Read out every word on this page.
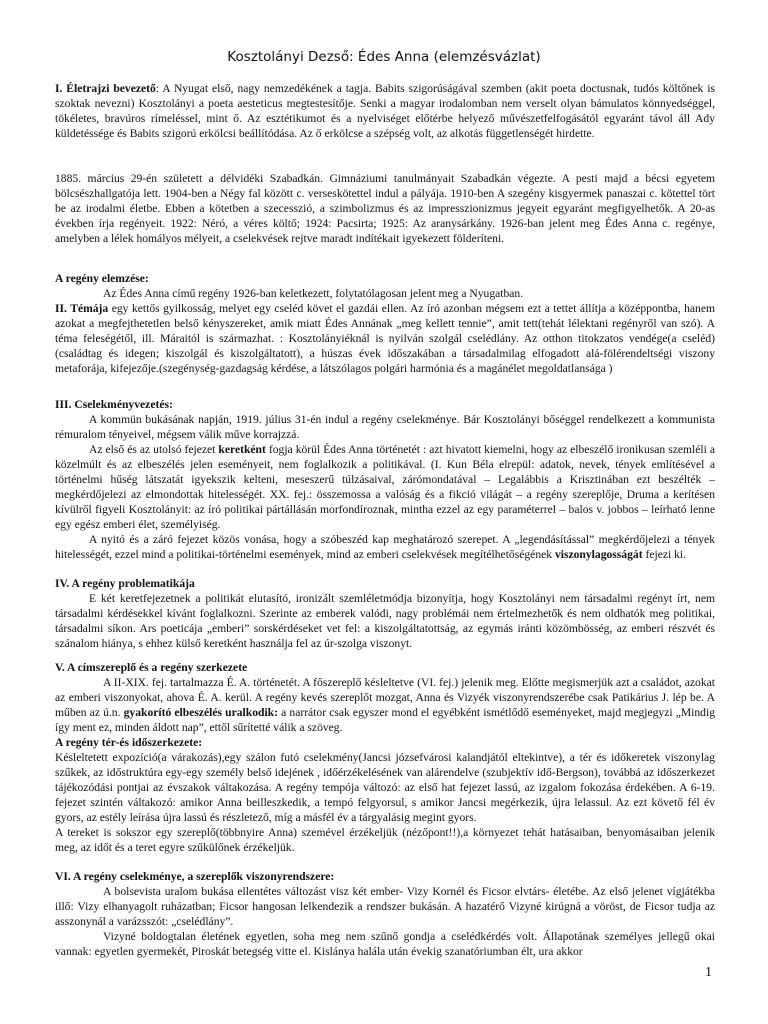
Kosztolányi Dezső: Édes Anna (elemzésvázlat)

I. Életrajzi bevezető: A Nyugat első, nagy nemzedékének a tagja. Babits szigorúságával szemben (akit poeta doctusnak, tudós költőnek is szoktak nevezni) Kosztolányi a poeta aesteticus megtestesítője. Senki a magyar irodalomban nem verselt olyan bámulatos könnyedséggel, tökéletes, bravúros rímeléssel, mint ő. Az esztétikumot és a nyelviséget előtérbe helyező művészetfelfogásától egyaránt távol áll Ady küldetéssége és Babits szigorú erkölcsi beállítódása. Az ő erkölcse a szépség volt, az alkotás függetlenségét hirdette.

1885. március 29-én született a délvidéki Szabadkán. Gimnáziumi tanulmányait Szabadkán végezte. A pesti majd a bécsi egyetem bölcsészhallgatója lett. 1904-ben a Négy fal között c. verseskötettel indul a pályája. 1910-ben A szegény kisgyermek panaszai c. kötettel tört be az irodalmi életbe. Ebben a kötetben a szecesszió, a szimbolizmus és az impresszionizmus jegyeit egyaránt megfigyelhetők. A 20-as években írja regényeit. 1922: Néró, a véres költő; 1924: Pacsirta; 1925: Az aranysárkány. 1926-ban jelent meg Édes Anna c. regénye, amelyben a lélek homályos mélyeit, a cselekvések rejtve maradt indítékait igyekezett földeríteni.

A regény elemzése:

Az Édes Anna című regény 1926-ban keletkezett, folytatólagosan jelent meg a Nyugatban.

II. Témája egy kettős gyilkosság, melyet egy cseléd követ el gazdái ellen. Az író azonban mégsem ezt a tettet állítja a középpontba, hanem azokat a megfejthetetlen belső kényszereket, amik miatt Édes Annának „meg kellett tennie”, amit tett(tehát lélektani regényről van szó). A téma feleségétől, ill. Máraitól is származhat. : Kosztolányiéknál is nyilván szolgál cselédlány. Az otthon titokzatos vendége(a cseléd)(családtag és idegen; kiszolgál és kiszolgáltatott), a húszas évek időszakában a társadalmilag elfogadott alá-fölérendeltségi viszony metaforája, kifejezője.(szegénység-gazdagság kérdése, a látszólagos polgári harmónia és a magánélet megoldatlansága )

III. Cselekményvezetés:

A kommün bukásának napján, 1919. július 31-én indul a regény cselekménye. Bár Kosztolányi bőséggel rendelkezett a kommunista rémuralom tényeivel, mégsem válik műve korrajzzá.

Az első és az utolsó fejezet keretként fogja körül Édes Anna történetét : azt hivatott kiemelni, hogy az elbeszélő ironikusan szemléli a közelmúlt és az elbeszélés jelen eseményeit, nem foglalkozik a politikával. (I. Kun Béla elrepül: adatok, nevek, tények említésével a történelmi hűség látszatát igyekszik kelteni, meseszerű túlzásaival, zárómondatával – Legalábbis a Krisztinában ezt beszélték – megkérdőjelezi az elmondottak hitelességét. XX. fej.: összemossa a valóság és a fikció világát – a regény szereplője, Druma a kerítésen kívülről figyeli Kosztolányit: az író politikai pártállásán morfondíroznak, mintha ezzel az egy paraméterrel – balos v. jobbos – leírható lenne egy egész emberi élet, személyiség.

A nyitó és a záró fejezet közös vonása, hogy a szóbeszéd kap meghatározó szerepet. A „legendásítással” megkérdőjelezi a tények hitelességét, ezzel mind a politikai-történelmi események, mind az emberi cselekvések megítélhetőségének viszonylagosságát fejezi ki.

IV. A regény problematikája

E két keretfejezetnek a politikát elutasító, ironizált szemléletmódja bizonyítja, hogy Kosztolányi nem társadalmi regényt írt, nem társadalmi kérdésekkel kívánt foglalkozni. Szerinte az emberek valódi, nagy problémái nem értelmezhetők és nem oldhatók meg politikai, társadalmi síkon. Ars poeticája „emberi” sorskérdéseket vet fel: a kiszolgáltatottság, az egymás iránti közömbösség, az emberi részvét és szánalom hiánya, s ehhez külső keretként használja fel az úr-szolga viszonyt.

V. A címszereplő és a regény szerkezete

A II-XIX. fej. tartalmazza É. A. történetét. A főszereplő késleltetve (VI. fej.) jelenik meg. Előtte megismerjük azt a családot, azokat az emberi viszonyokat, ahova É. A. kerül. A regény kevés szereplőt mozgat, Anna és Vizyék viszonyrendszerébe csak Patikárius J. lép be. A műben az ú.n. gyakorító elbeszélés uralkodik: a narrátor csak egyszer mond el egyébként ismétlődő eseményeket, majd megjegyzi „Mindig így ment ez, minden áldott nap”, ettől sűrítetté válik a szöveg.

A regény tér-és időszerkezete:

Késleltetett expozíció(a várakozás),egy szálon futó cselekmény(Jancsi józsefvárosi kalandjától eltekintve), a tér és időkeretek viszonylag szűkek, az időstruktúra egy-egy személy belső idejének , időérzékelésének van alárendelve (szubjektív idő-Bergson), továbbá az időszerkezet tájékozódási pontjai az évszakok váltakozása. A regény tempója változó: az első hat fejezet lassú, az izgalom fokozása érdekében. A 6-19. fejezet szintén váltakozó: amikor Anna beilleszkedik, a tempó felgyorsul, s amikor Jancsi megérkezik, újra lelassul. Az ezt követő fél év gyors, az estély leírása újra lassú és részletező, míg a másfél év a tárgyalásig megint gyors.

A tereket is sokszor egy szereplő(többnyire Anna) szemével érzékeljük (nézőpont!!),a környezet tehát hatásaiban, benyomásaiban jelenik meg, az időt és a teret egyre szűkülőnek érzékeljük.

VI. A regény cselekménye, a szereplők viszonyrendszere:

A bolsevista uralom bukása ellentétes változást visz két ember- Vizy Kornél és Ficsor elvtárs- életébe. Az első jelenet vígjátékba illő: Vizy elhanyagolt ruházatban; Ficsor hangosan lelkendezik a rendszer bukásán. A hazatérő Vizyné kirúgná a vöröst, de Ficsor tudja az asszonynál a varázsszót: „cselédlány”.

Vizyné boldogtalan életének egyetlen, soha meg nem szűnő gondja a cselédkérdés volt. Állapotának személyes jellegű okai vannak: egyetlen gyermekét, Piroskát betegség vitte el. Kislánya halála után évekig szanatóriumban élt, ura akkor

1
